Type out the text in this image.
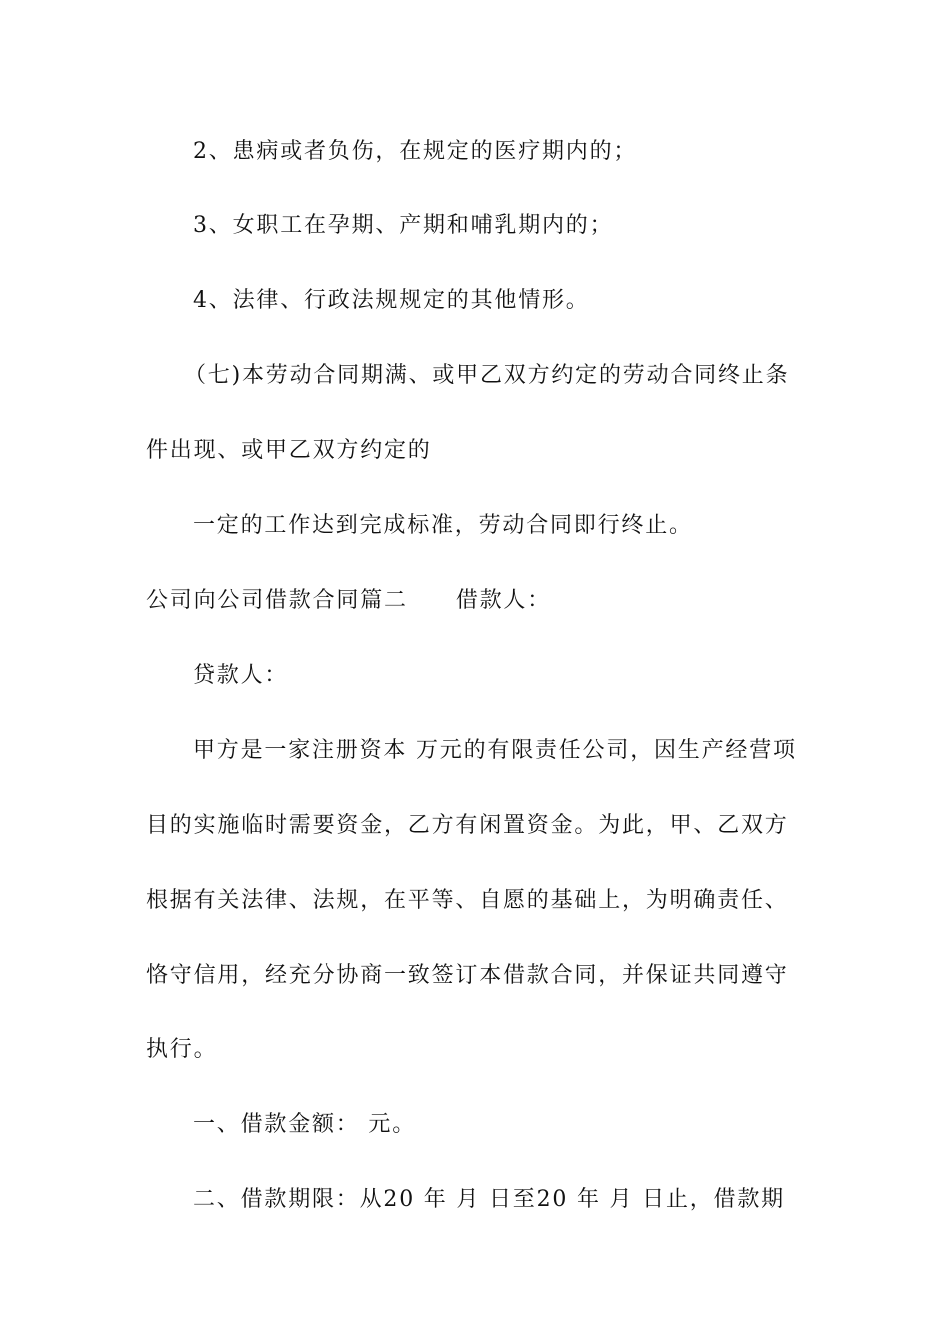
2、患病或者负伤，在规定的医疗期内的；
3、女职工在孕期、产期和哺乳期内的；
4、法律、行政法规规定的其他情形。
（七)本劳动合同期满、或甲乙双方约定的劳动合同终止条
件出现、或甲乙双方约定的
一定的工作达到完成标准，劳动合同即行终止。
公司向公司借款合同篇二 借款人：
贷款人：
甲方是一家注册资本 万元的有限责任公司，因生产经营项
目的实施临时需要资金，乙方有闲置资金。为此，甲、乙双方
根据有关法律、法规，在平等、自愿的基础上，为明确责任、
恪守信用，经充分协商一致签订本借款合同，并保证共同遵守
执行。
一、借款金额： 元。
二、借款期限：从20 年 月 日至20 年 月 日止，借款期
